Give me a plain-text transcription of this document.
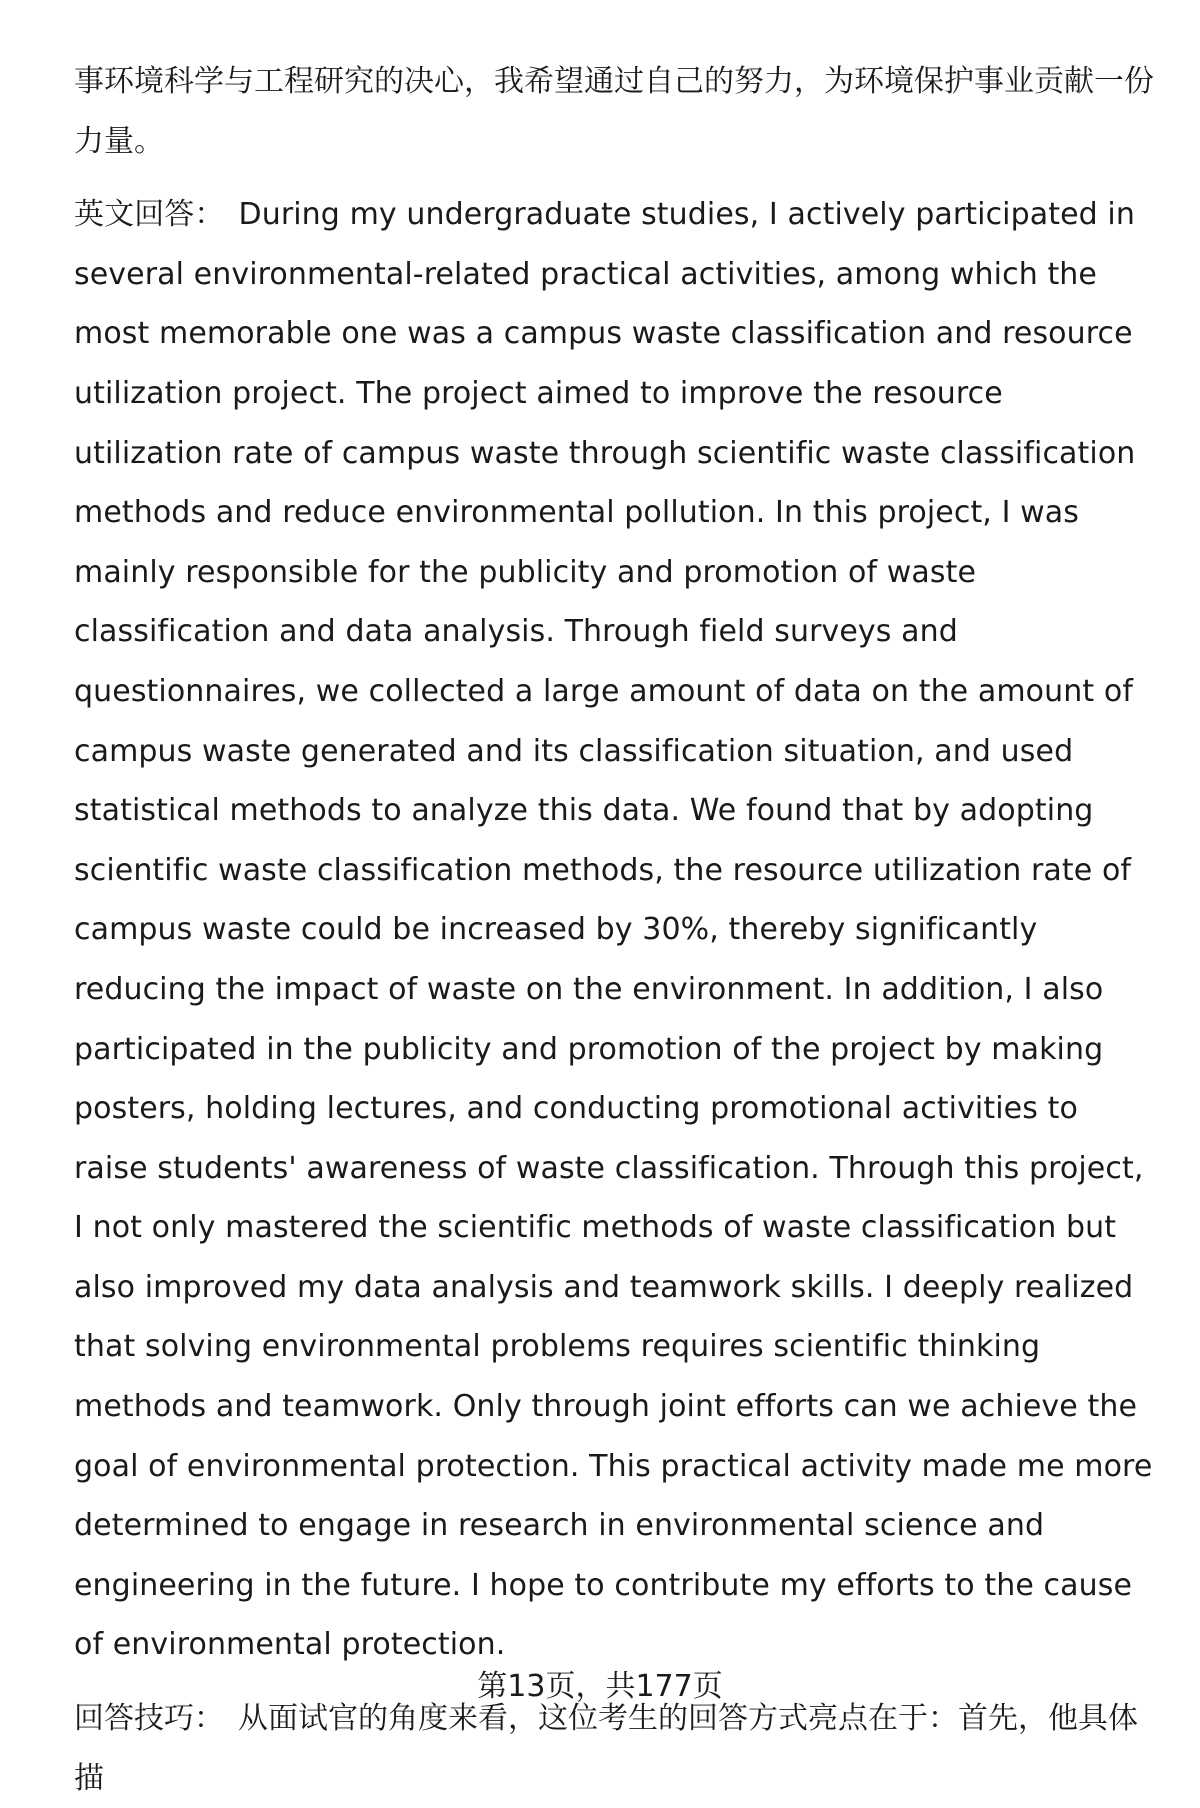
事环境科学与工程研究的决心，我希望通过自己的努力，为环境保护事业贡献一份力量。

英文回答： During my undergraduate studies, I actively participated in several environmental-related practical activities, among which the most memorable one was a campus waste classification and resource utilization project. The project aimed to improve the resource utilization rate of campus waste through scientific waste classification methods and reduce environmental pollution. In this project, I was mainly responsible for the publicity and promotion of waste classification and data analysis. Through field surveys and questionnaires, we collected a large amount of data on the amount of campus waste generated and its classification situation, and used statistical methods to analyze this data. We found that by adopting scientific waste classification methods, the resource utilization rate of campus waste could be increased by 30%, thereby significantly reducing the impact of waste on the environment. In addition, I also participated in the publicity and promotion of the project by making posters, holding lectures, and conducting promotional activities to raise students' awareness of waste classification. Through this project, I not only mastered the scientific methods of waste classification but also improved my data analysis and teamwork skills. I deeply realized that solving environmental problems requires scientific thinking methods and teamwork. Only through joint efforts can we achieve the goal of environmental protection. This practical activity made me more determined to engage in research in environmental science and engineering in the future. I hope to contribute my efforts to the cause of environmental protection.

回答技巧： 从面试官的角度来看，这位考生的回答方式亮点在于：首先，他具体描

第13页，共177页
